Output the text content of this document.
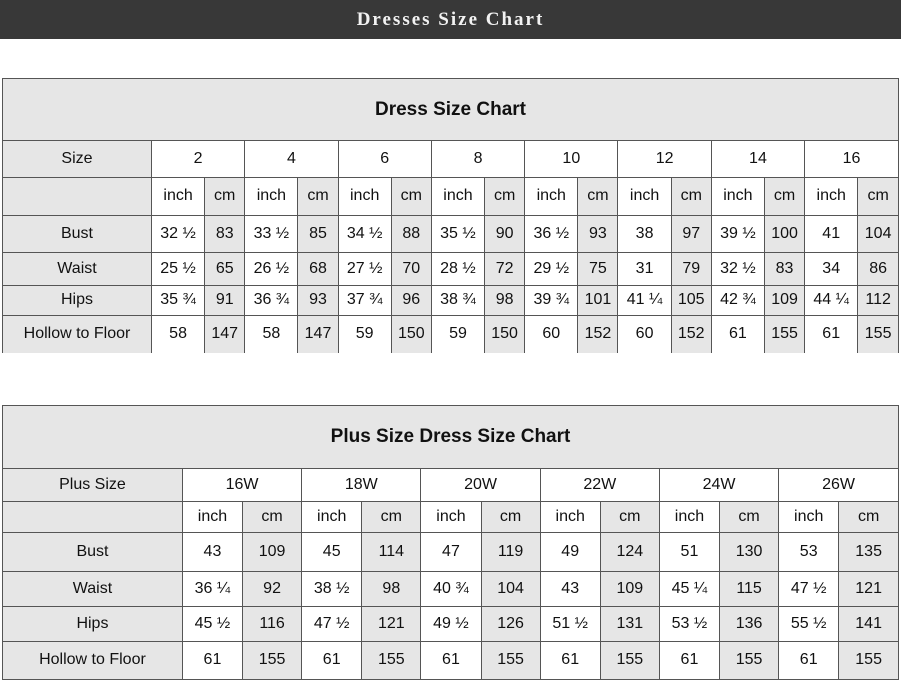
Dresses Size Chart
Dress Size Chart
Size	2		4		6		8		10		12		14		16	
	inch	cm	inch	cm	inch	cm	inch	cm	inch	cm	inch	cm	inch	cm	inch	cm
Bust	32 ½	83	33 ½	85	34 ½	88	35 ½	90	36 ½	93	38	97	39 ½	100	41	104
Waist	25 ½	65	26 ½	68	27 ½	70	28 ½	72	29 ½	75	31	79	32 ½	83	34	86
Hips	35 ¾	91	36 ¾	93	37 ¾	96	38 ¾	98	39 ¾	101	41 ¼	105	42 ¾	109	44 ¼	112
Hollow to Floor	58	147	58	147	59	150	59	150	60	152	60	152	61	155	61	155
Plus Size Dress Size Chart
Plus Size	16W		18W		20W		22W		24W		26W	
	inch	cm	inch	cm	inch	cm	inch	cm	inch	cm	inch	cm
Bust	43	109	45	114	47	119	49	124	51	130	53	135
Waist	36 ¼	92	38 ½	98	40 ¾	104	43	109	45 ¼	115	47 ½	121
Hips	45 ½	116	47 ½	121	49 ½	126	51 ½	131	53 ½	136	55 ½	141
Hollow to Floor	61	155	61	155	61	155	61	155	61	155	61	155
